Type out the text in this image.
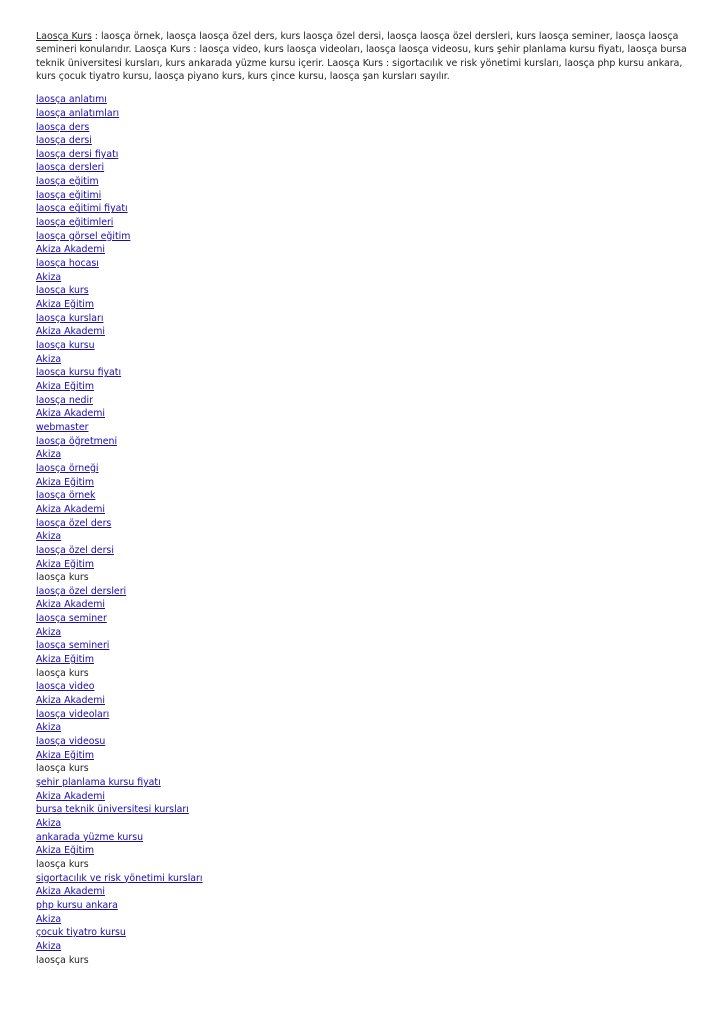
Laosça Kurs : laosça örnek, laosça laosça özel ders, kurs laosça özel dersi, laosça laosça özel dersleri, kurs laosça seminer, laosça laosça semineri konularıdır. Laosça Kurs : laosça video, kurs laosça videoları, laosça laosça videosu, kurs şehir planlama kursu fiyatı, laosça bursa teknik üniversitesi kursları, kurs ankarada yüzme kursu içerir. Laosça Kurs : sigortacılık ve risk yönetimi kursları, laosça php kursu ankara, kurs çocuk tiyatro kursu, laosça piyano kurs, kurs çince kursu, laosça şan kursları sayılır.

laosça anlatımı
laosça anlatımları
laosça ders
laosça dersi
laosça dersi fiyatı
laosça dersleri
laosça eğitim
laosça eğitimi
laosça eğitimi fiyatı
laosça eğitimleri
laosça görsel eğitim
Akiza Akademi
laosça hocası
Akiza
laosça kurs
Akiza Eğitim
laosça kursları
Akiza Akademi
laosça kursu
Akiza
laosça kursu fiyatı
Akiza Eğitim
laosça nedir
Akiza Akademi
webmaster
laosça öğretmeni
Akiza
laosça örneği
Akiza Eğitim
laosça örnek
Akiza Akademi
laosça özel ders
Akiza
laosça özel dersi
Akiza Eğitim
laosça kurs
laosça özel dersleri
Akiza Akademi
laosça seminer
Akiza
laosça semineri
Akiza Eğitim
laosça kurs
laosça video
Akiza Akademi
laosça videoları
Akiza
laosça videosu
Akiza Eğitim
laosça kurs
şehir planlama kursu fiyatı
Akiza Akademi
bursa teknik üniversitesi kursları
Akiza
ankarada yüzme kursu
Akiza Eğitim
laosça kurs
sigortacılık ve risk yönetimi kursları
Akiza Akademi
php kursu ankara
Akiza
çocuk tiyatro kursu
Akiza
laosça kurs
